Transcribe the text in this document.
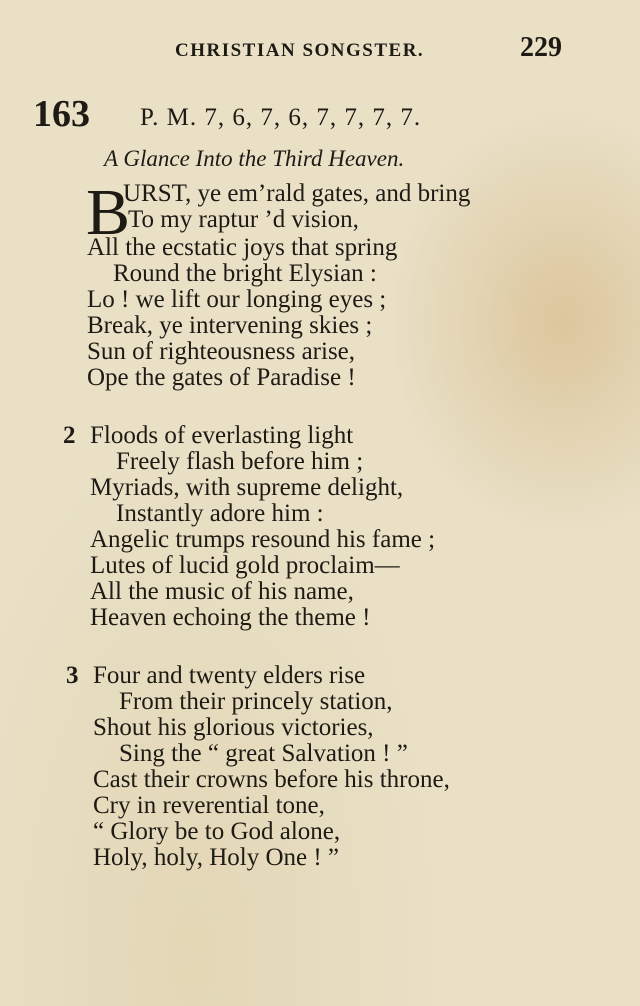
CHRISTIAN SONGSTER.	229
163 P. M. 7, 6, 7, 6, 7, 7, 7, 7.
A Glance Into the Third Heaven.
B
URST, ye em’rald gates, and bring
To my raptur ’d vision,
All the ecstatic joys that spring
Round the bright Elysian :
Lo ! we lift our longing eyes ;
Break, ye intervening skies ;
Sun of righteousness arise,
Ope the gates of Paradise !
2 Floods of everlasting light
Freely flash before him ;
Myriads, with supreme delight,
Instantly adore him :
Angelic trumps resound his fame ;
Lutes of lucid gold proclaim—
All the music of his name,
Heaven echoing the theme !
3 Four and twenty elders rise
From their princely station,
Shout his glorious victories,
Sing the “ great Salvation ! ”
Cast their crowns before his throne,
Cry in reverential tone,
“ Glory be to God alone,
Holy, holy, Holy One ! ”
